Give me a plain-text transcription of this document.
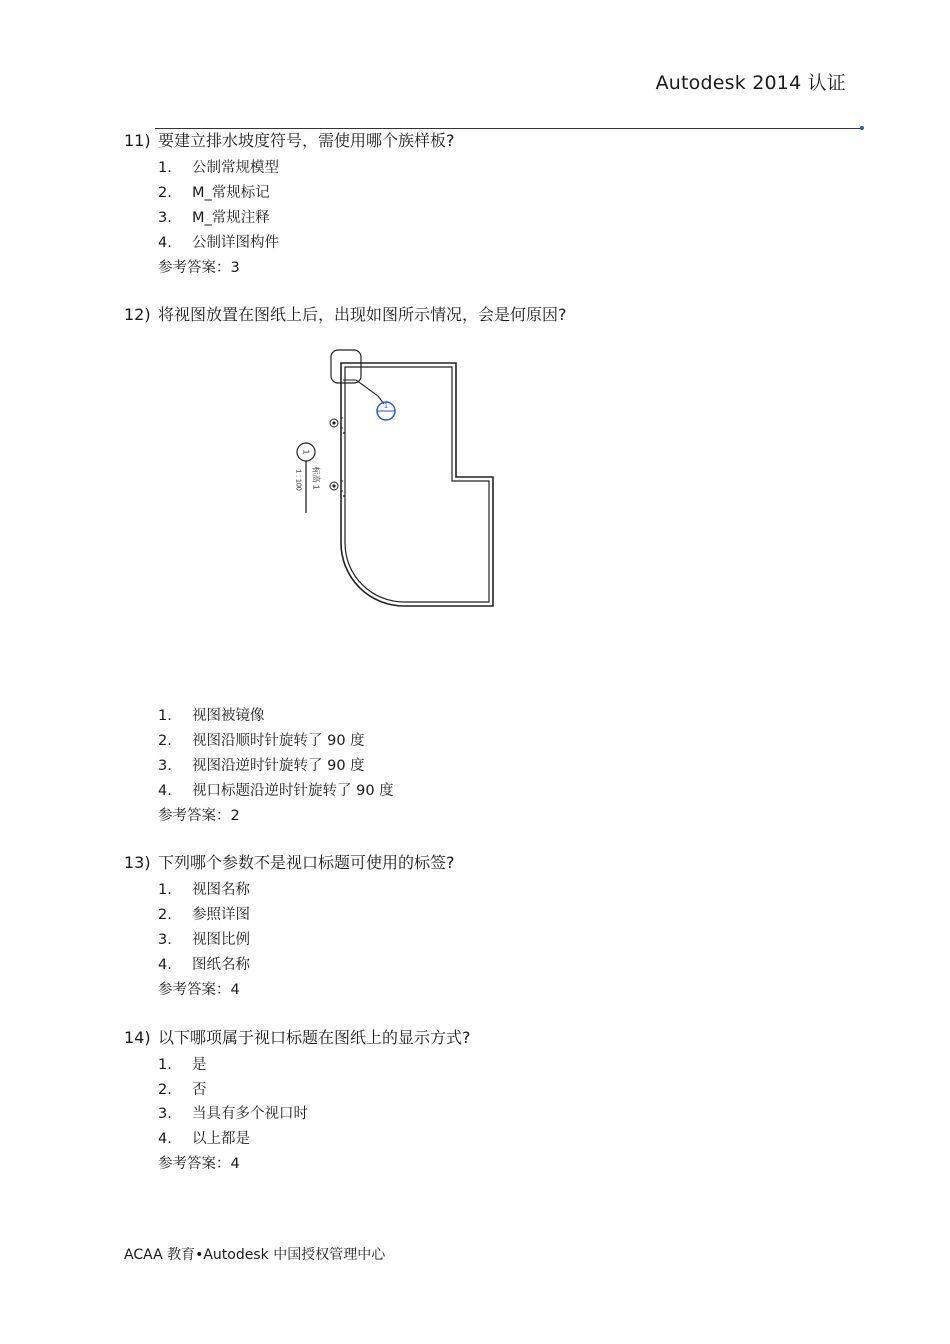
Autodesk 2014 认证
11) 要建立排水坡度符号，需使用哪个族样板?
1. 公制常规模型
2. M_常规标记
3. M_常规注释
4. 公制详图构件
参考答案：3
12) 将视图放置在图纸上后，出现如图所示情况，会是何原因?
1
1
标高 1
1 : 100
1. 视图被镜像
2. 视图沿顺时针旋转了 90 度
3. 视图沿逆时针旋转了 90 度
4. 视口标题沿逆时针旋转了 90 度
参考答案：2
13) 下列哪个参数不是视口标题可使用的标签?
1. 视图名称
2. 参照详图
3. 视图比例
4. 图纸名称
参考答案：4
14) 以下哪项属于视口标题在图纸上的显示方式?
1. 是
2. 否
3. 当具有多个视口时
4. 以上都是
参考答案：4
ACAA 教育•Autodesk 中国授权管理中心
